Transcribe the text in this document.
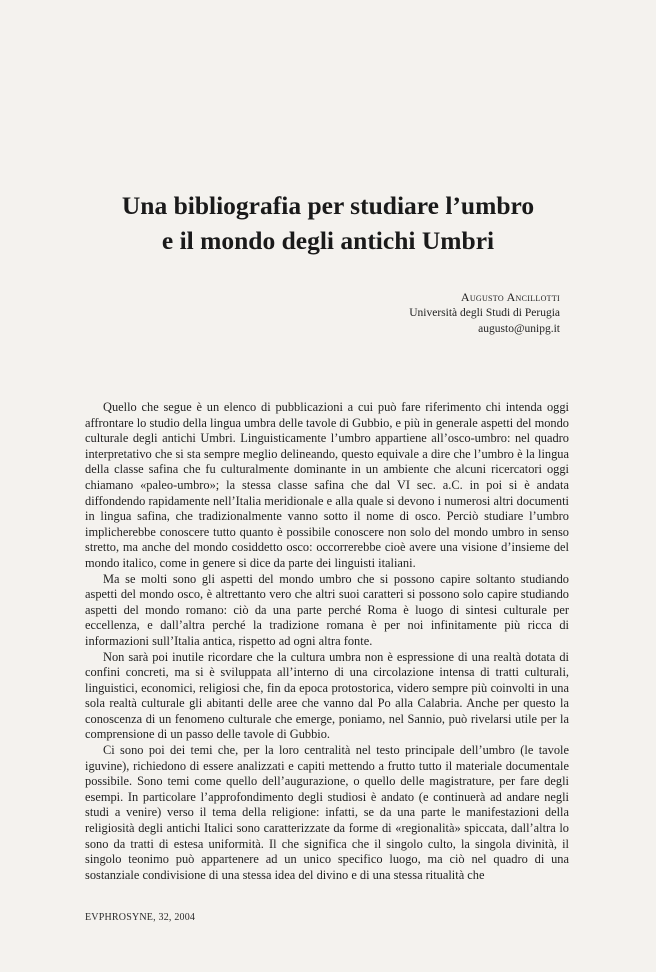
Una bibliografia per studiare l’umbro
e il mondo degli antichi Umbri
Augusto Ancillotti
Università degli Studi di Perugia
augusto@unipg.it

Quello che segue è un elenco di pubblicazioni a cui può fare riferimento chi intenda oggi affrontare lo studio della lingua umbra delle tavole di Gubbio, e più in generale aspetti del mondo culturale degli antichi Umbri. Linguisticamente l’umbro appartiene all’osco-umbro: nel quadro interpretativo che si sta sempre meglio delineando, questo equivale a dire che l’umbro è la lingua della classe safina che fu culturalmente dominante in un ambiente che alcuni ricercatori oggi chiamano «paleo-umbro»; la stessa classe safina che dal VI sec. a.C. in poi si è andata diffondendo rapidamente nell’Italia meridionale e alla quale si devono i numerosi altri documenti in lingua safina, che tradizionalmente vanno sotto il nome di osco. Perciò studiare l’umbro implicherebbe conoscere tutto quanto è possibile conoscere non solo del mondo umbro in senso stretto, ma anche del mondo cosiddetto osco: occorrerebbe cioè avere una visione d’insieme del mondo italico, come in genere si dice da parte dei linguisti italiani.

Ma se molti sono gli aspetti del mondo umbro che si possono capire soltanto studiando aspetti del mondo osco, è altrettanto vero che altri suoi caratteri si possono solo capire studiando aspetti del mondo romano: ciò da una parte perché Roma è luogo di sintesi culturale per eccellenza, e dall’altra perché la tradizione romana è per noi infinitamente più ricca di informazioni sull’Italia antica, rispetto ad ogni altra fonte.

Non sarà poi inutile ricordare che la cultura umbra non è espressione di una realtà dotata di confini concreti, ma si è sviluppata all’interno di una circolazione intensa di tratti culturali, linguistici, economici, religiosi che, fin da epoca protostorica, videro sempre più coinvolti in una sola realtà culturale gli abitanti delle aree che vanno dal Po alla Calabria. Anche per questo la conoscenza di un fenomeno culturale che emerge, poniamo, nel Sannio, può rivelarsi utile per la comprensione di un passo delle tavole di Gubbio.

Ci sono poi dei temi che, per la loro centralità nel testo principale dell’umbro (le tavole iguvine), richiedono di essere analizzati e capiti mettendo a frutto tutto il materiale documentale possibile. Sono temi come quello dell’augurazione, o quello delle magistrature, per fare degli esempi. In particolare l’approfondimento degli studiosi è andato (e continuerà ad andare negli studi a venire) verso il tema della religione: infatti, se da una parte le manifestazioni della religiosità degli antichi Italici sono caratterizzate da forme di «regionalità» spiccata, dall’altra lo sono da tratti di estesa uniformità. Il che significa che il singolo culto, la singola divinità, il singolo teonimo può appartenere ad un unico specifico luogo, ma ciò nel quadro di una sostanziale condivisione di una stessa idea del divino e di una stessa ritualità che

EVPHROSYNE, 32, 2004
